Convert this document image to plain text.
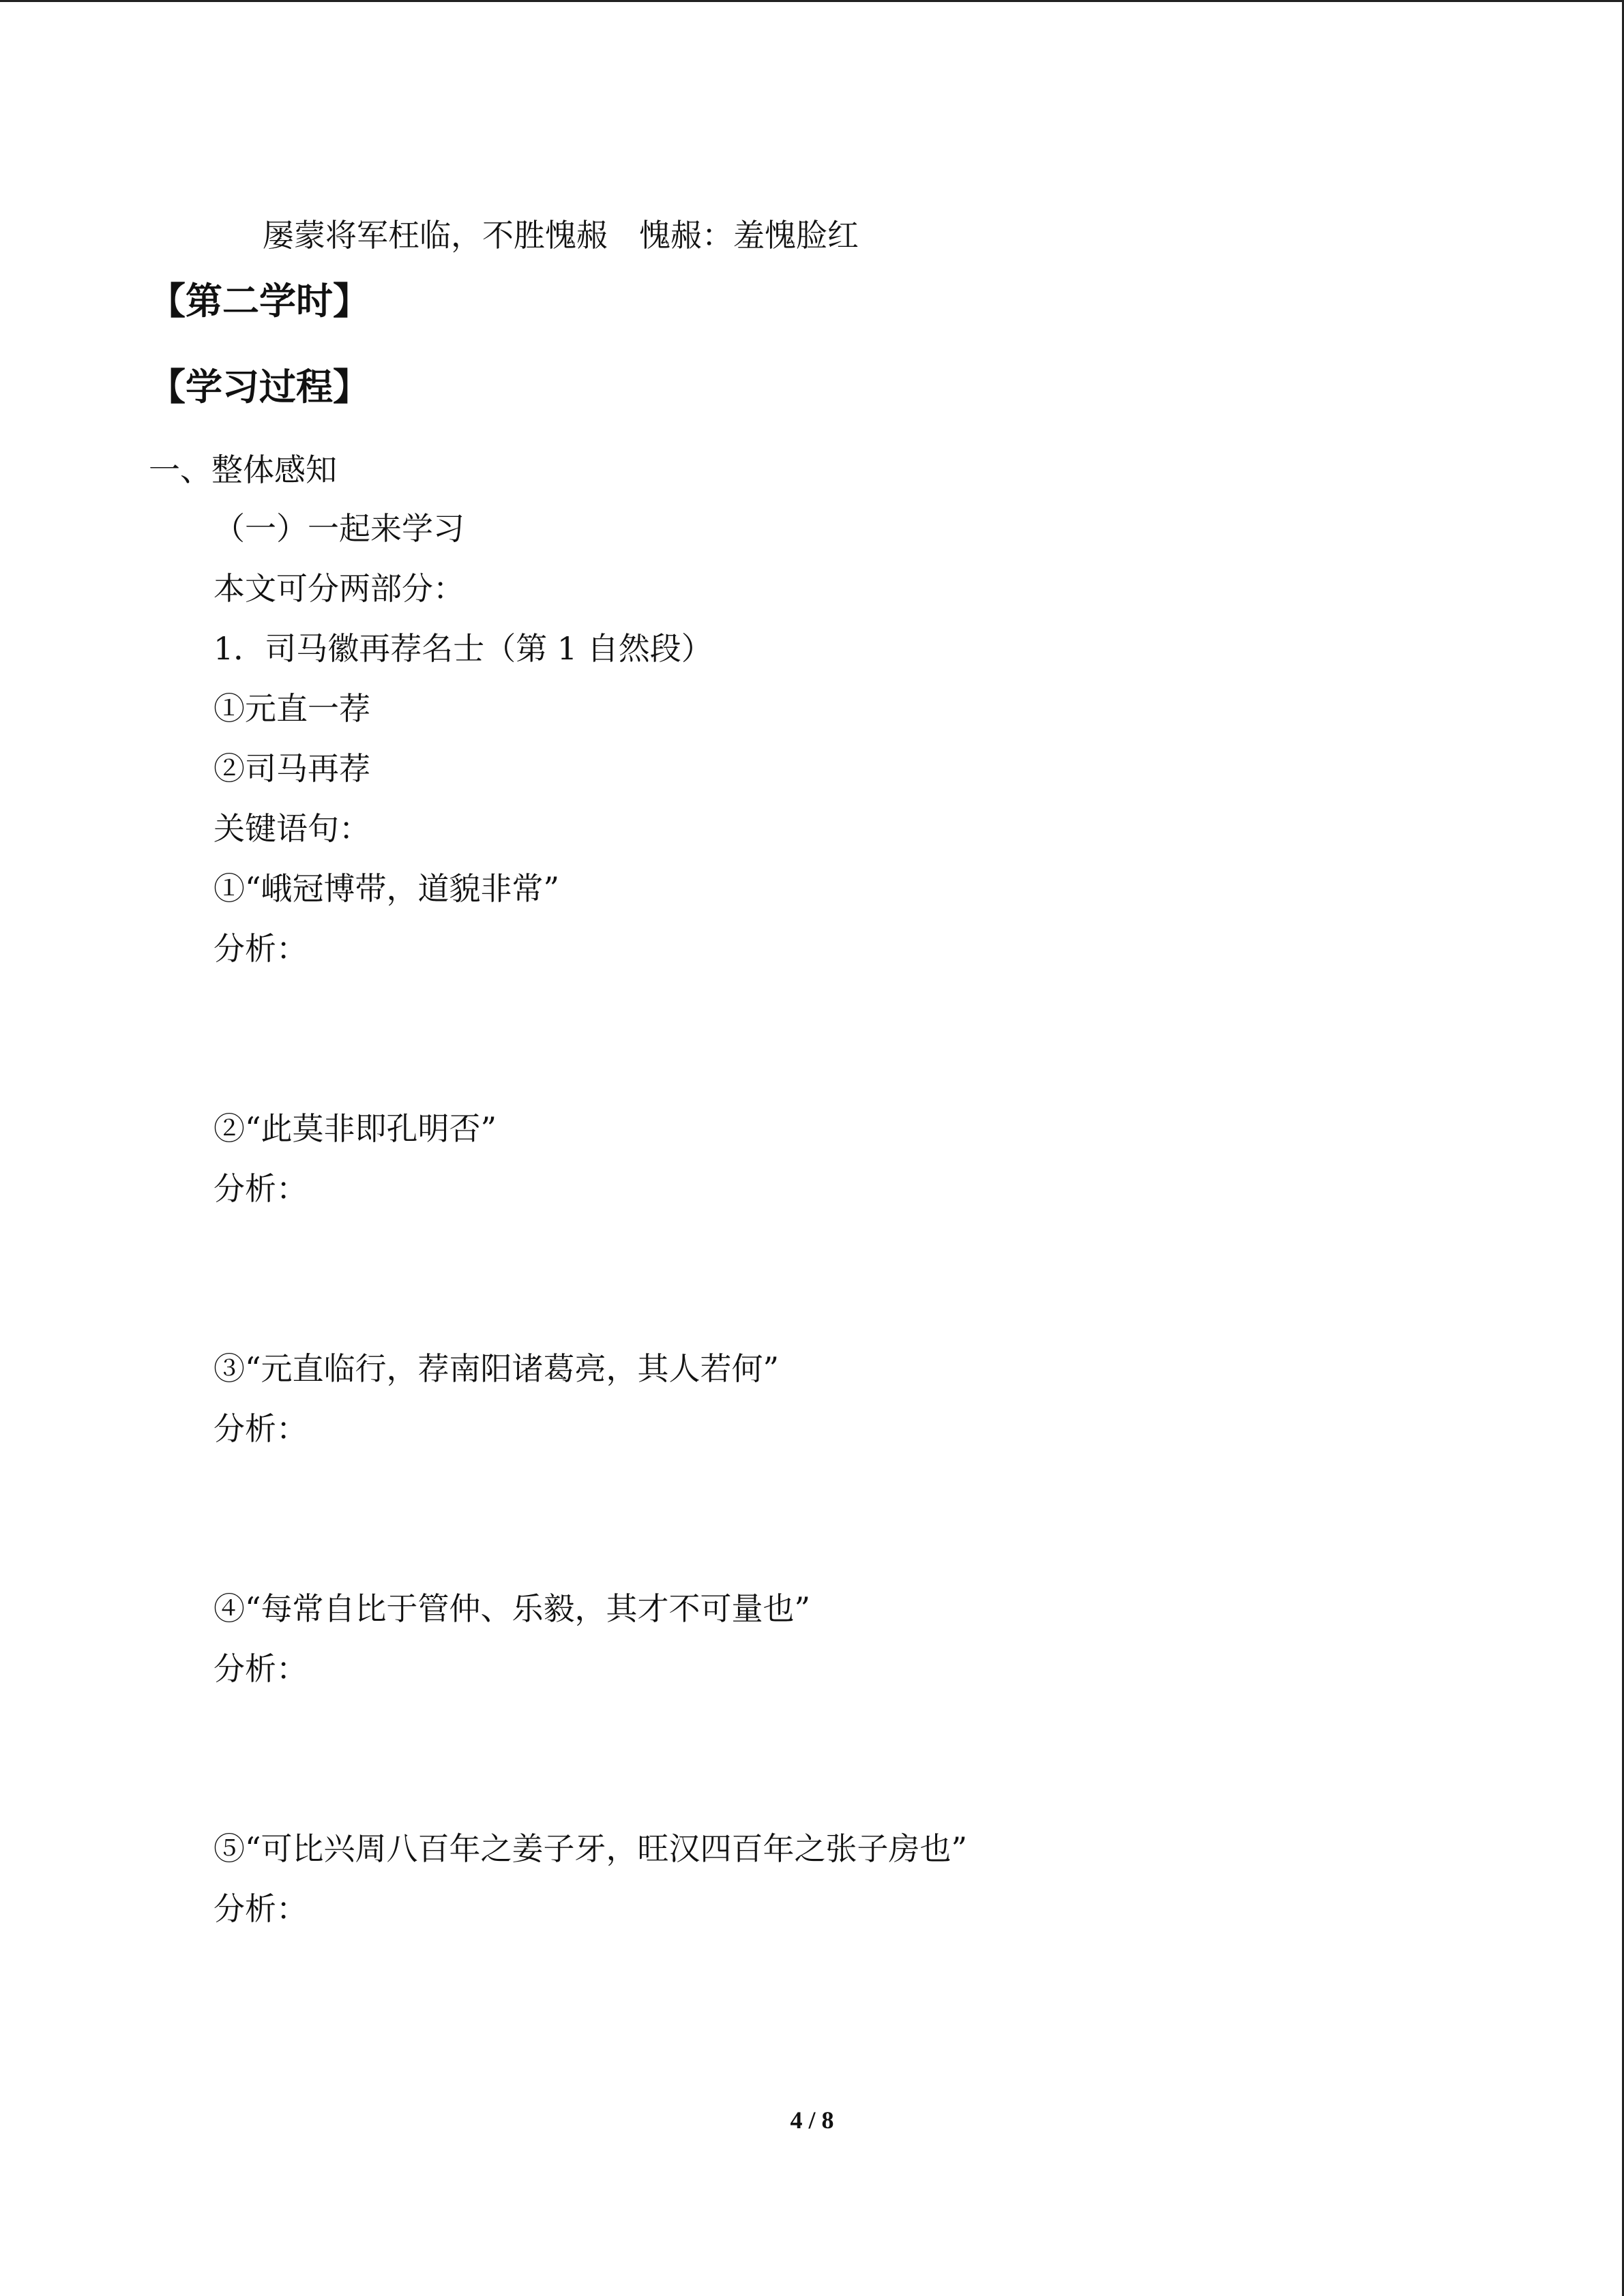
屡蒙将军枉临，不胜愧赧　愧赧：羞愧脸红
【第二学时】
【学习过程】
一、整体感知
（一）一起来学习
本文可分两部分：
1．司马徽再荐名士（第 1 自然段）
①元直一荐
②司马再荐
关键语句：
①“峨冠博带，道貌非常”
分析：
②“此莫非即孔明否”
分析：
③“元直临行，荐南阳诸葛亮，其人若何”
分析：
④“每常自比于管仲、乐毅，其才不可量也”
分析：
⑤“可比兴周八百年之姜子牙，旺汉四百年之张子房也”
分析：
4 / 8
